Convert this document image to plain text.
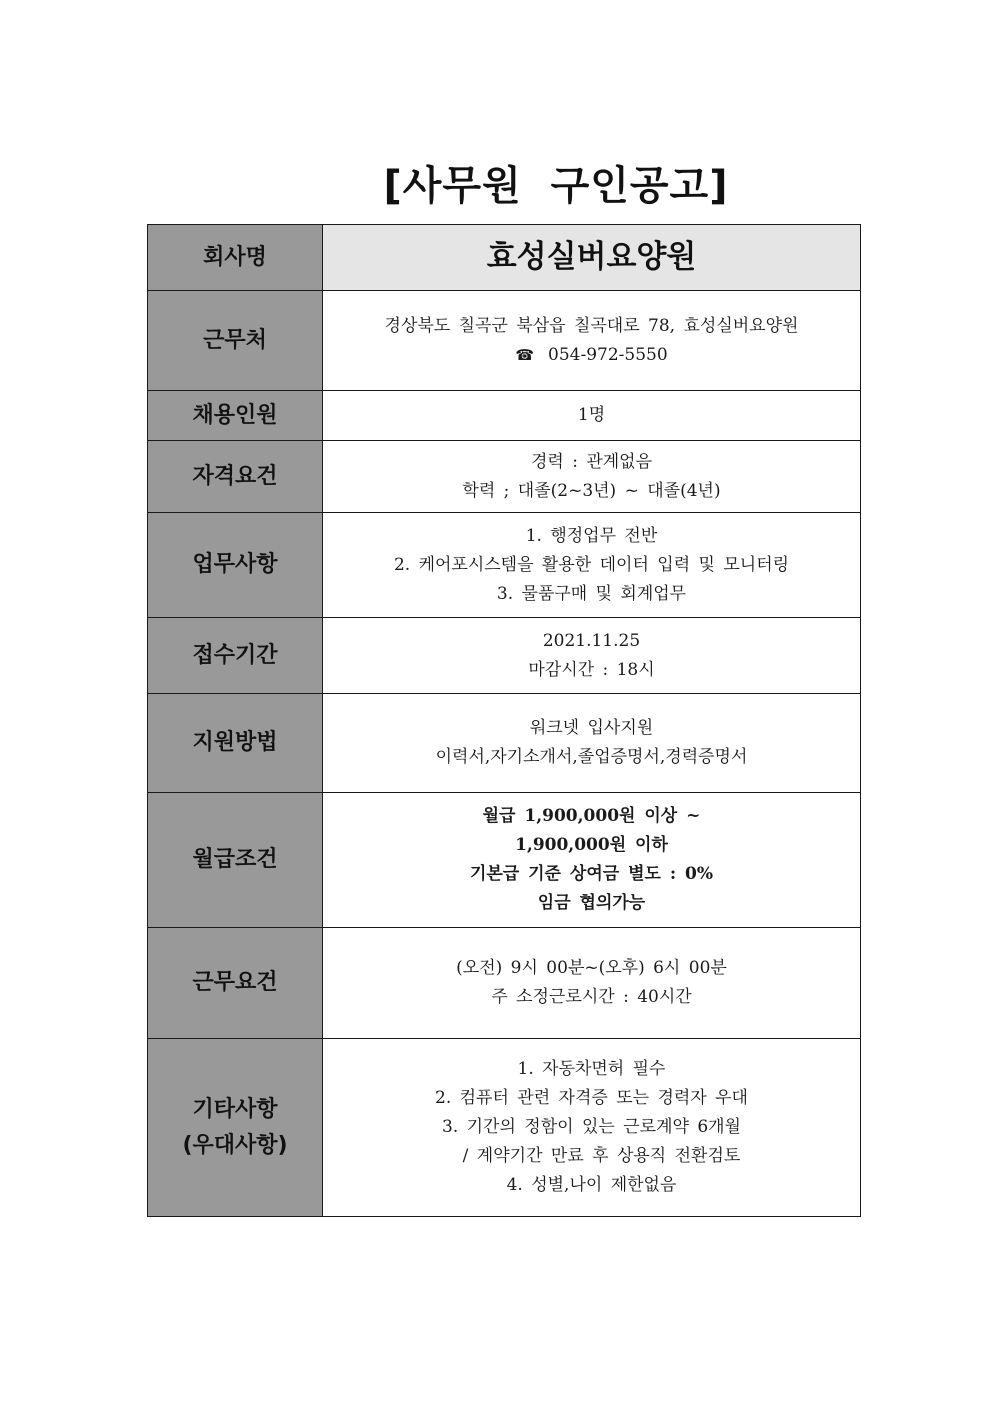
[사무원 구인공고]
회사명	효성실버요양원

근무처	경상북도 칠곡군 북삼읍 칠곡대로 78, 효성실버요양원
☎ 054-972-5550

채용인원	1명

자격요건	경력 : 관계없음
학력 ; 대졸(2~3년) ~ 대졸(4년)

업무사항	1. 행정업무 전반
2. 케어포시스템을 활용한 데이터 입력 및 모니터링
3. 물품구매 및 회계업무

접수기간	2021.11.25
마감시간 : 18시

지원방법	워크넷 입사지원
이력서,자기소개서,졸업증명서,경력증명서

월급조건	월급 1,900,000원 이상 ~
1,900,000원 이하
기본급 기준 상여금 별도 : 0%
임금 협의가능

근무요건	(오전) 9시 00분~(오후) 6시 00분
주 소정근로시간 : 40시간

기타사항
(우대사항)	1. 자동차면허 필수
2. 컴퓨터 관련 자격증 또는 경력자 우대
3. 기간의 정함이 있는 근로계약 6개월
/ 계약기간 만료 후 상용직 전환검토
4. 성별,나이 제한없음
